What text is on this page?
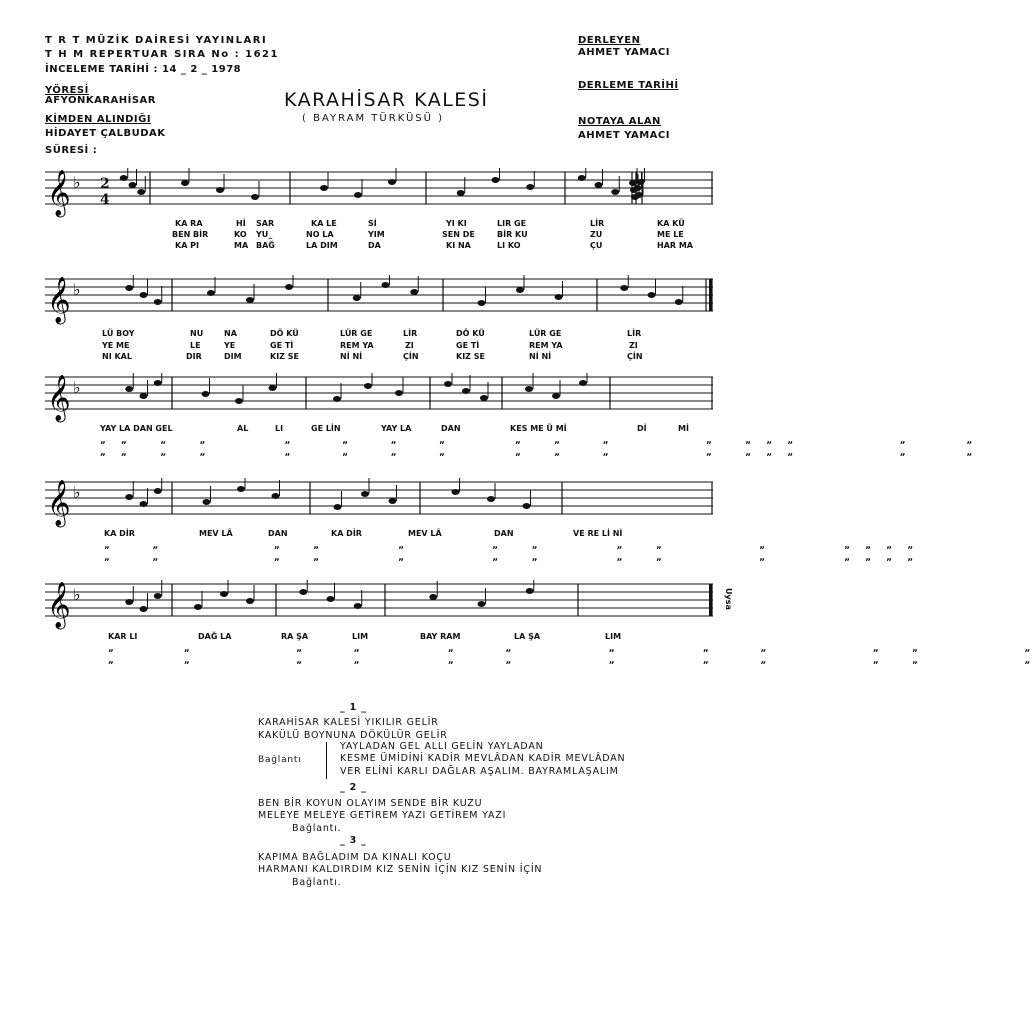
T R T MÜZİK DAİRESİ YAYINLARI
T H M REPERTUAR SIRA No : 1621
İNCELEME TARİHİ : 14 _ 2 _ 1978
YÖRESİ
AFYONKARAHİSAR
KİMDEN ALINDIĞI
HİDAYET ÇALBUDAK
SÜRESİ :
DERLEYEN
AHMET YAMACI
DERLEME TARİHİ
NOTAYA ALAN
AHMET YAMACI
KARAHİSAR KALESİ
( BAYRAM TÜRKÜSÜ )
𝄞 ♭
𝄞 ♭
𝄞 ♭
𝄞 ♭
𝄞 ♭
2
4
KA RA	Hİ SAR	KA LE	Sİ	YI KI	LIR GE	LİR	KA KÜ
BEN BİR	KO YU_	NO LA	YIM	SEN DE	BİR KU	ZU	ME LE
KA PI	MA BAĞ	LA DIM	DA	KI NA	LI KO	ÇU	HAR MA
LÜ BOY	NU	NA	DÖ KÜ	LÜR GE	LİR	DÖ KÜ	LÜR GE	LİR
YE ME	LE	YE	GE Tİ	REM YA	ZI	GE Tİ	REM YA	ZI
NI KAL	DIR	DIM	KIZ SE	Nİ Nİ	ÇİN	KIZ SE	Nİ Nİ	ÇİN
YAY LA DAN GEL	AL	LI	GE LİN	YAY LA	DAN	KES ME Ü Mİ	Dİ	Mİ
„ „   „   „        „     „    „    „       „   „    „          „   „ „ „           „      „
„ „   „   „        „     „    „    „       „   „    „          „   „ „ „           „      „
KA DİR	MEV LÂ	DAN	KA DİR	MEV LÂ	DAN	VE RE Lİ Nİ
„    „            „   „        „         „   „        „   „          „        „ „ „ „
„    „            „   „        „         „   „        „   „          „        „ „ „ „
KAR LI	DAĞ LA	RA ŞA	LIM	BAY RAM	LA ŞA	LIM
„       „           „     „         „     „          „         „     „           „   „           „
„       „           „     „         „     „          „         „     „           „   „           „
Uysa
_ 1 _
KARAHİSAR KALESİ YIKILIR GELİR
KAKÜLÜ BOYNUNA DÖKÜLÜR GELİR
Bağlantı
YAYLADAN GEL ALLI GELİN YAYLADAN
KESME ÜMİDİNİ KADİR MEVLÂDAN KADİR MEVLÂDAN
VER ELİNİ KARLI DAĞLAR AŞALIM. BAYRAMLAŞALIM
_ 2 _
BEN BİR KOYUN OLAYIM SENDE BİR KUZU
MELEYE MELEYE GETİREM YAZI GETİREM YAZI
Bağlantı.
_ 3 _
KAPIMA BAĞLADIM DA KINALI KOÇU
HARMANI KALDIRDIM KIZ SENİN İÇİN KIZ SENİN İÇİN
Bağlantı.
